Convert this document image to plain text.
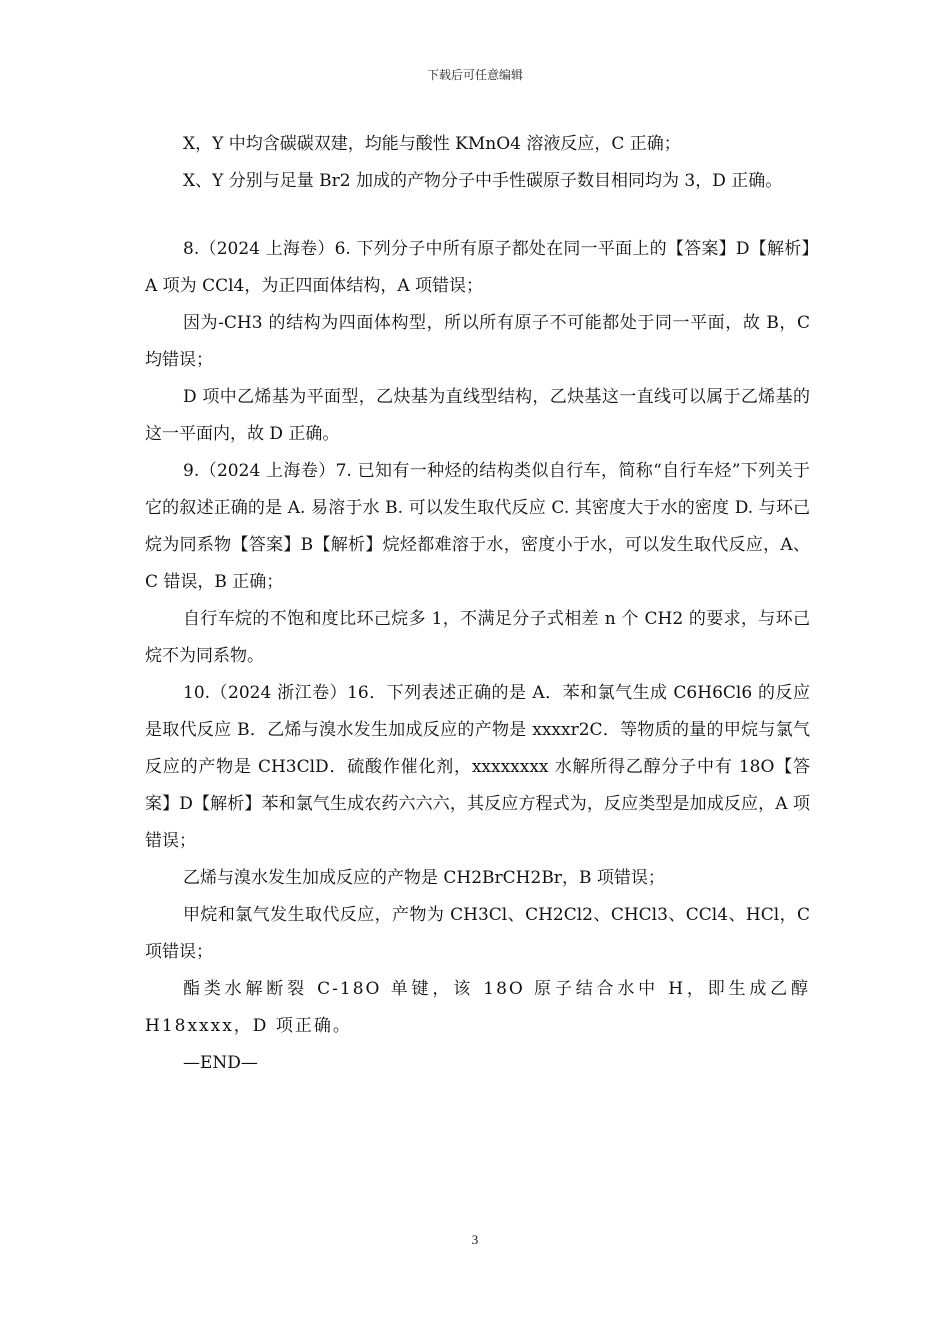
下载后可任意编辑

X，Y 中均含碳碳双建，均能与酸性 KMnO4 溶液反应，C 正确；

X、Y 分别与足量 Br2 加成的产物分子中手性碳原子数目相同均为 3，D 正确。

8.（2024 上海卷）6. 下列分子中所有原子都处在同一平面上的【答案】D【解析】A 项为 CCl4，为正四面体结构，A 项错误；

因为-CH3 的结构为四面体构型，所以所有原子不可能都处于同一平面，故 B，C 均错误；

D 项中乙烯基为平面型，乙炔基为直线型结构，乙炔基这一直线可以属于乙烯基的这一平面内，故 D 正确。

9.（2024 上海卷）7. 已知有一种烃的结构类似自行车，简称“自行车烃”下列关于它的叙述正确的是 A. 易溶于水 B. 可以发生取代反应 C. 其密度大于水的密度 D. 与环己烷为同系物【答案】B【解析】烷烃都难溶于水，密度小于水，可以发生取代反应，A、C 错误，B 正确；

自行车烷的不饱和度比环己烷多 1，不满足分子式相差 n 个 CH2 的要求，与环己烷不为同系物。

10.（2024 浙江卷）16．下列表述正确的是 A．苯和氯气生成 C6H6Cl6 的反应是取代反应 B．乙烯与溴水发生加成反应的产物是 xxxxr2C．等物质的量的甲烷与氯气反应的产物是 CH3ClD．硫酸作催化剂，xxxxxxxx 水解所得乙醇分子中有 18O【答案】D【解析】苯和氯气生成农药六六六，其反应方程式为，反应类型是加成反应，A 项错误；

乙烯与溴水发生加成反应的产物是 CH2BrCH2Br，B 项错误；

甲烷和氯气发生取代反应，产物为 CH3Cl、CH2Cl2、CHCl3、CCl4、HCl，C 项错误；

酯类水解断裂 C-18O 单键，该 18O 原子结合水中 H，即生成乙醇 H18xxxx，D 项正确。

—END—

3
